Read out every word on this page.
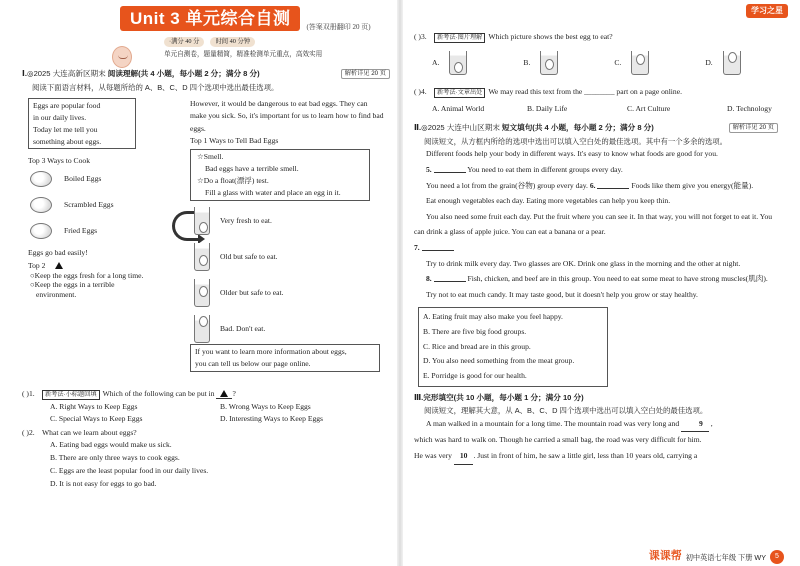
Unit 3 单元综合自测	(答案双册翻印 20 页)
·满分 40 分	时间 40 分钟
单元自测卷，题量精简，精准检测单元重点，高效实用
Ⅰ. ◎2025 大连高新区期末 阅读理解(共 4 小题，每小题 2 分；满分 8 分)	解析详见 20 页
阅读下面语言材料，从每题所给的 A、B、C、D 四个选项中选出最佳选项。
Eggs are popular food
in our daily lives.
Today let me tell you
something about eggs.
Top 3 Ways to Cook
Boiled Eggs
Scrambled Eggs
Fried Eggs
Eggs go bad easily!
Top 2
○Keep the eggs fresh for a long time.
○Keep the eggs in a terrible
environment.
However, it would be dangerous to eat bad eggs. They can make you sick. So, it's important for us to learn how to find bad eggs.
Top 1 Ways to Tell Bad Eggs
☆Smell.
Bad eggs have a terrible smell.
☆Do a float(漂浮) test.
Fill a glass with water and place an egg in it.
Very fresh to eat.
Old but safe to eat.
Older but safe to eat.
Bad. Don't eat.
If you want to learn more information about eggs,
you can tell us below our page online.
( )1.	新考法·小标题回填 Which of the following can be put in ?
A. Right Ways to Keep Eggs	B. Wrong Ways to Keep Eggs
C. Special Ways to Keep Eggs	D. Interesting Ways to Keep Eggs
( )2. What can we learn about eggs?
A. Eating bad eggs would make us sick.
B. There are only three ways to cook eggs.
C. Eggs are the least popular food in our daily lives.
D. It is not easy for eggs to go bad.
学习之星
( )3.	新考法·图片理解 Which picture shows the best egg to eat?
A.	B.	C.	D.
( )4.	新考法·文章出处 We may read this text from the ________ part on a page online.
A. Animal World	B. Daily Life	C. Art Culture	D. Technology
Ⅱ. ◎2025 大连中山区期末 短文填句(共 4 小题，每小题 2 分；满分 8 分)	解析详见 20 页
阅读短文，从方框内所给的选项中选出可以填入空白处的最佳选项。其中有一个多余的选项。
Different foods help your body in different ways. It's easy to know what foods are good for you.
5.	You need to eat them in different groups every day.
You need a lot from the grain(谷物) group every day. 6.	Foods like them give you energy(能量).
Eat enough vegetables each day. Eating more vegetables can help you keep thin.
You also need some fruit each day. Put the fruit where you can see it. In that way, you will not forget to eat it. You can drink a glass of apple juice. You can eat a banana or a pear.
7.
Try to drink milk every day. Two glasses are OK. Drink one glass in the morning and the other at night.
8.	Fish, chicken, and beef are in this group. You need to eat some meat to have strong muscles(肌肉).
Try not to eat much candy. It may taste good, but it doesn't help you grow or stay healthy.
A. Eating fruit may also make you feel happy.
B. There are five big food groups.
C. Rice and bread are in this group.
D. You also need something from the meat group.
E. Porridge is good for our health.
Ⅲ. 完形填空(共 10 小题，每小题 1 分；满分 10 分)
阅读短文，理解其大意，从 A、B、C、D 四个选项中选出可以填入空白处的最佳选项。
A man walked in a mountain for a long time. The mountain road was very long and	9 ,
which was hard to walk on. Though he carried a small bag, the road was very difficult for him.
He was very 10 . Just in front of him, he saw a little girl, less than 10 years old, carrying a
课课帮 初中英语七年级 下册 WY	5
